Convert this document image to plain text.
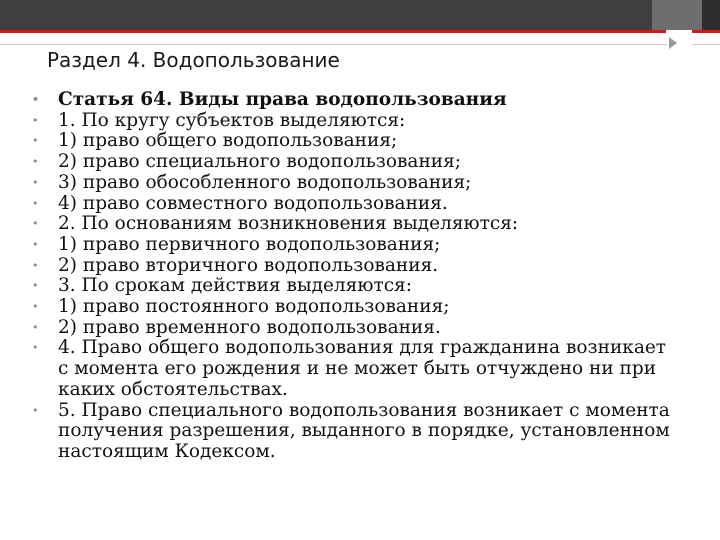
Раздел 4. Водопользование
• Статья 64. Виды права водопользования
• 1. По кругу субъектов выделяются:
• 1) право общего водопользования;
• 2) право специального водопользования;
• 3) право обособленного водопользования;
• 4) право совместного водопользования.
• 2. По основаниям возникновения выделяются:
• 1) право первичного водопользования;
• 2) право вторичного водопользования.
• 3. По срокам действия выделяются:
• 1) право постоянного водопользования;
• 2) право временного водопользования.
• 4. Право общего водопользования для гражданина возникает с момента его рождения и не может быть отчуждено ни при каких обстоятельствах.
• 5. Право специального водопользования возникает с момента получения разрешения, выданного в порядке, установленном настоящим Кодексом.
